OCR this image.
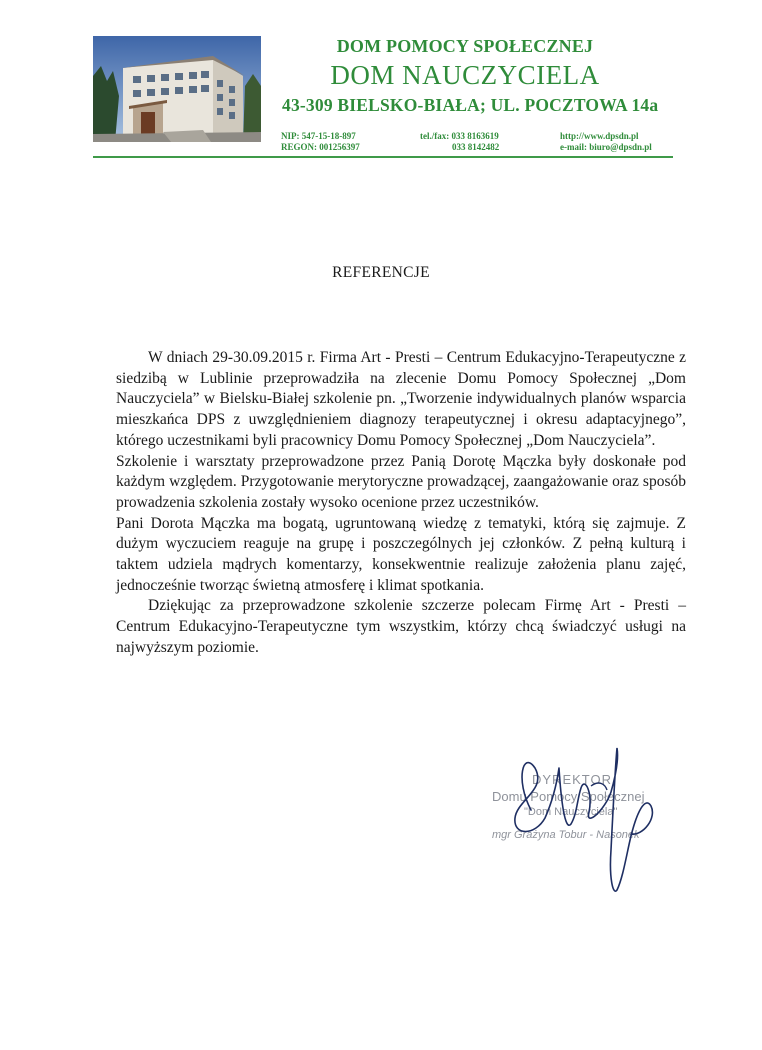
DOM POMOCY SPOŁECZNEJ
DOM NAUCZYCIELA
43-309 BIELSKO-BIAŁA; UL. POCZTOWA 14a
NIP: 547-15-18-897
REGON: 001256397
tel./fax: 033 8163619
033 8142482
http://www.dpsdn.pl
e-mail: biuro@dpsdn.pl
REFERENCJE

W dniach 29-30.09.2015 r. Firma Art - Presti – Centrum Edukacyjno-Terapeutyczne z siedzibą w Lublinie przeprowadziła na zlecenie Domu Pomocy Społecznej „Dom Nauczyciela” w Bielsku-Białej szkolenie pn. „Tworzenie indywidualnych planów wsparcia mieszkańca DPS z uwzględnieniem diagnozy terapeutycznej i okresu adaptacyjnego”, którego uczestnikami byli pracownicy Domu Pomocy Społecznej „Dom Nauczyciela”.

Szkolenie i warsztaty przeprowadzone przez Panią Dorotę Mączka były doskonałe pod każdym względem. Przygotowanie merytoryczne prowadzącej, zaangażowanie oraz sposób prowadzenia szkolenia zostały wysoko ocenione przez uczestników.

Pani Dorota Mączka ma bogatą, ugruntowaną wiedzę z tematyki, którą się zajmuje. Z dużym wyczuciem reaguje na grupę i poszczególnych jej członków. Z pełną kulturą i taktem udziela mądrych komentarzy, konsekwentnie realizuje założenia planu zajęć, jednocześnie tworząc świetną atmosferę i klimat spotkania.

Dziękując za przeprowadzone szkolenie szczerze polecam Firmę Art - Presti – Centrum Edukacyjno-Terapeutyczne tym wszystkim, którzy chcą świadczyć usługi na najwyższym poziomie.

DYREKTOR
Domu Pomocy Społecznej
"Dom Nauczyciela"
mgr Grażyna Tobur - Nasonek
